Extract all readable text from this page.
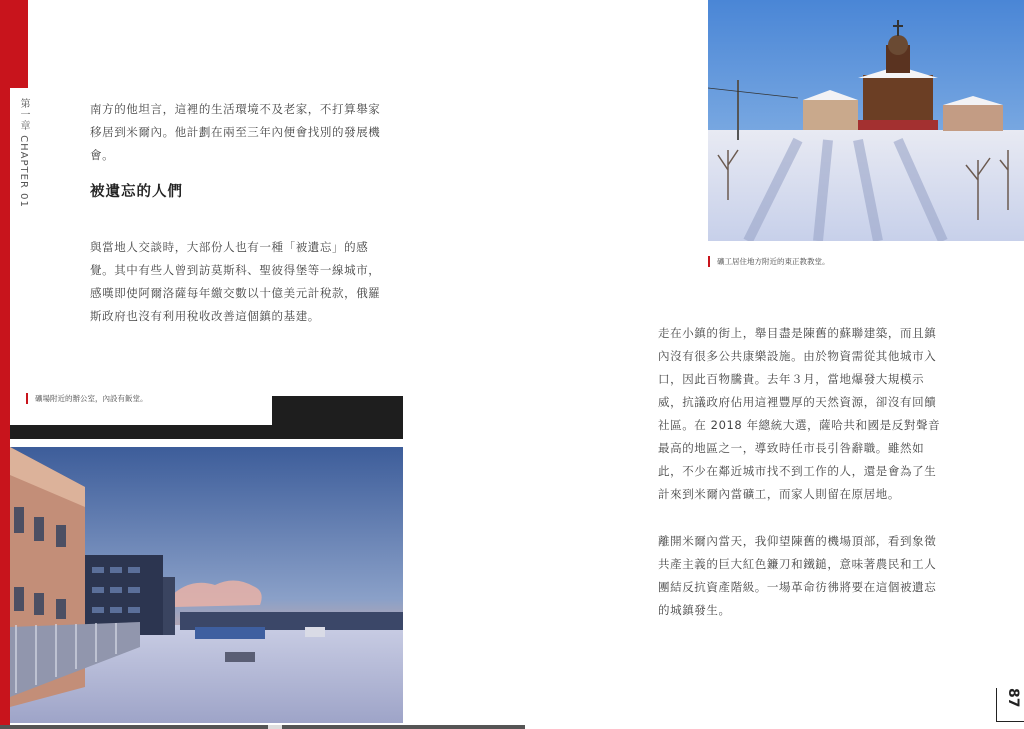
第一章 CHAPTER 01	南方的他坦言，這裡的生活環境不及老家，不打算舉家移居到米爾內。他計劃在兩至三年內便會找別的發展機會。
被遺忘的人們
與當地人交談時，大部份人也有一種「被遺忘」的感覺。其中有些人曾到訪莫斯科、聖彼得堡等一線城市，感嘆即使阿爾洛薩每年繳交數以十億美元計稅款，俄羅斯政府也沒有利用稅收改善這個鎮的基建。
礦場附近的辦公室，內設有飯堂。
礦工居住地方附近的東正教教堂。
走在小鎮的街上，舉目盡是陳舊的蘇聯建築，而且鎮內沒有很多公共康樂設施。由於物資需從其他城市入口，因此百物騰貴。去年３月，當地爆發大規模示威，抗議政府佔用這裡豐厚的天然資源，卻沒有回饋社區。在 2018 年總統大選，薩哈共和國是反對聲音最高的地區之一，導致時任市長引咎辭職。雖然如此，不少在鄰近城市找不到工作的人，還是會為了生計來到米爾內當礦工，而家人則留在原居地。
離開米爾內當天，我仰望陳舊的機場頂部，看到象徵共產主義的巨大紅色鐮刀和鐵鎚，意味著農民和工人團結反抗資產階級。一場革命彷彿將要在這個被遺忘的城鎮發生。
87
